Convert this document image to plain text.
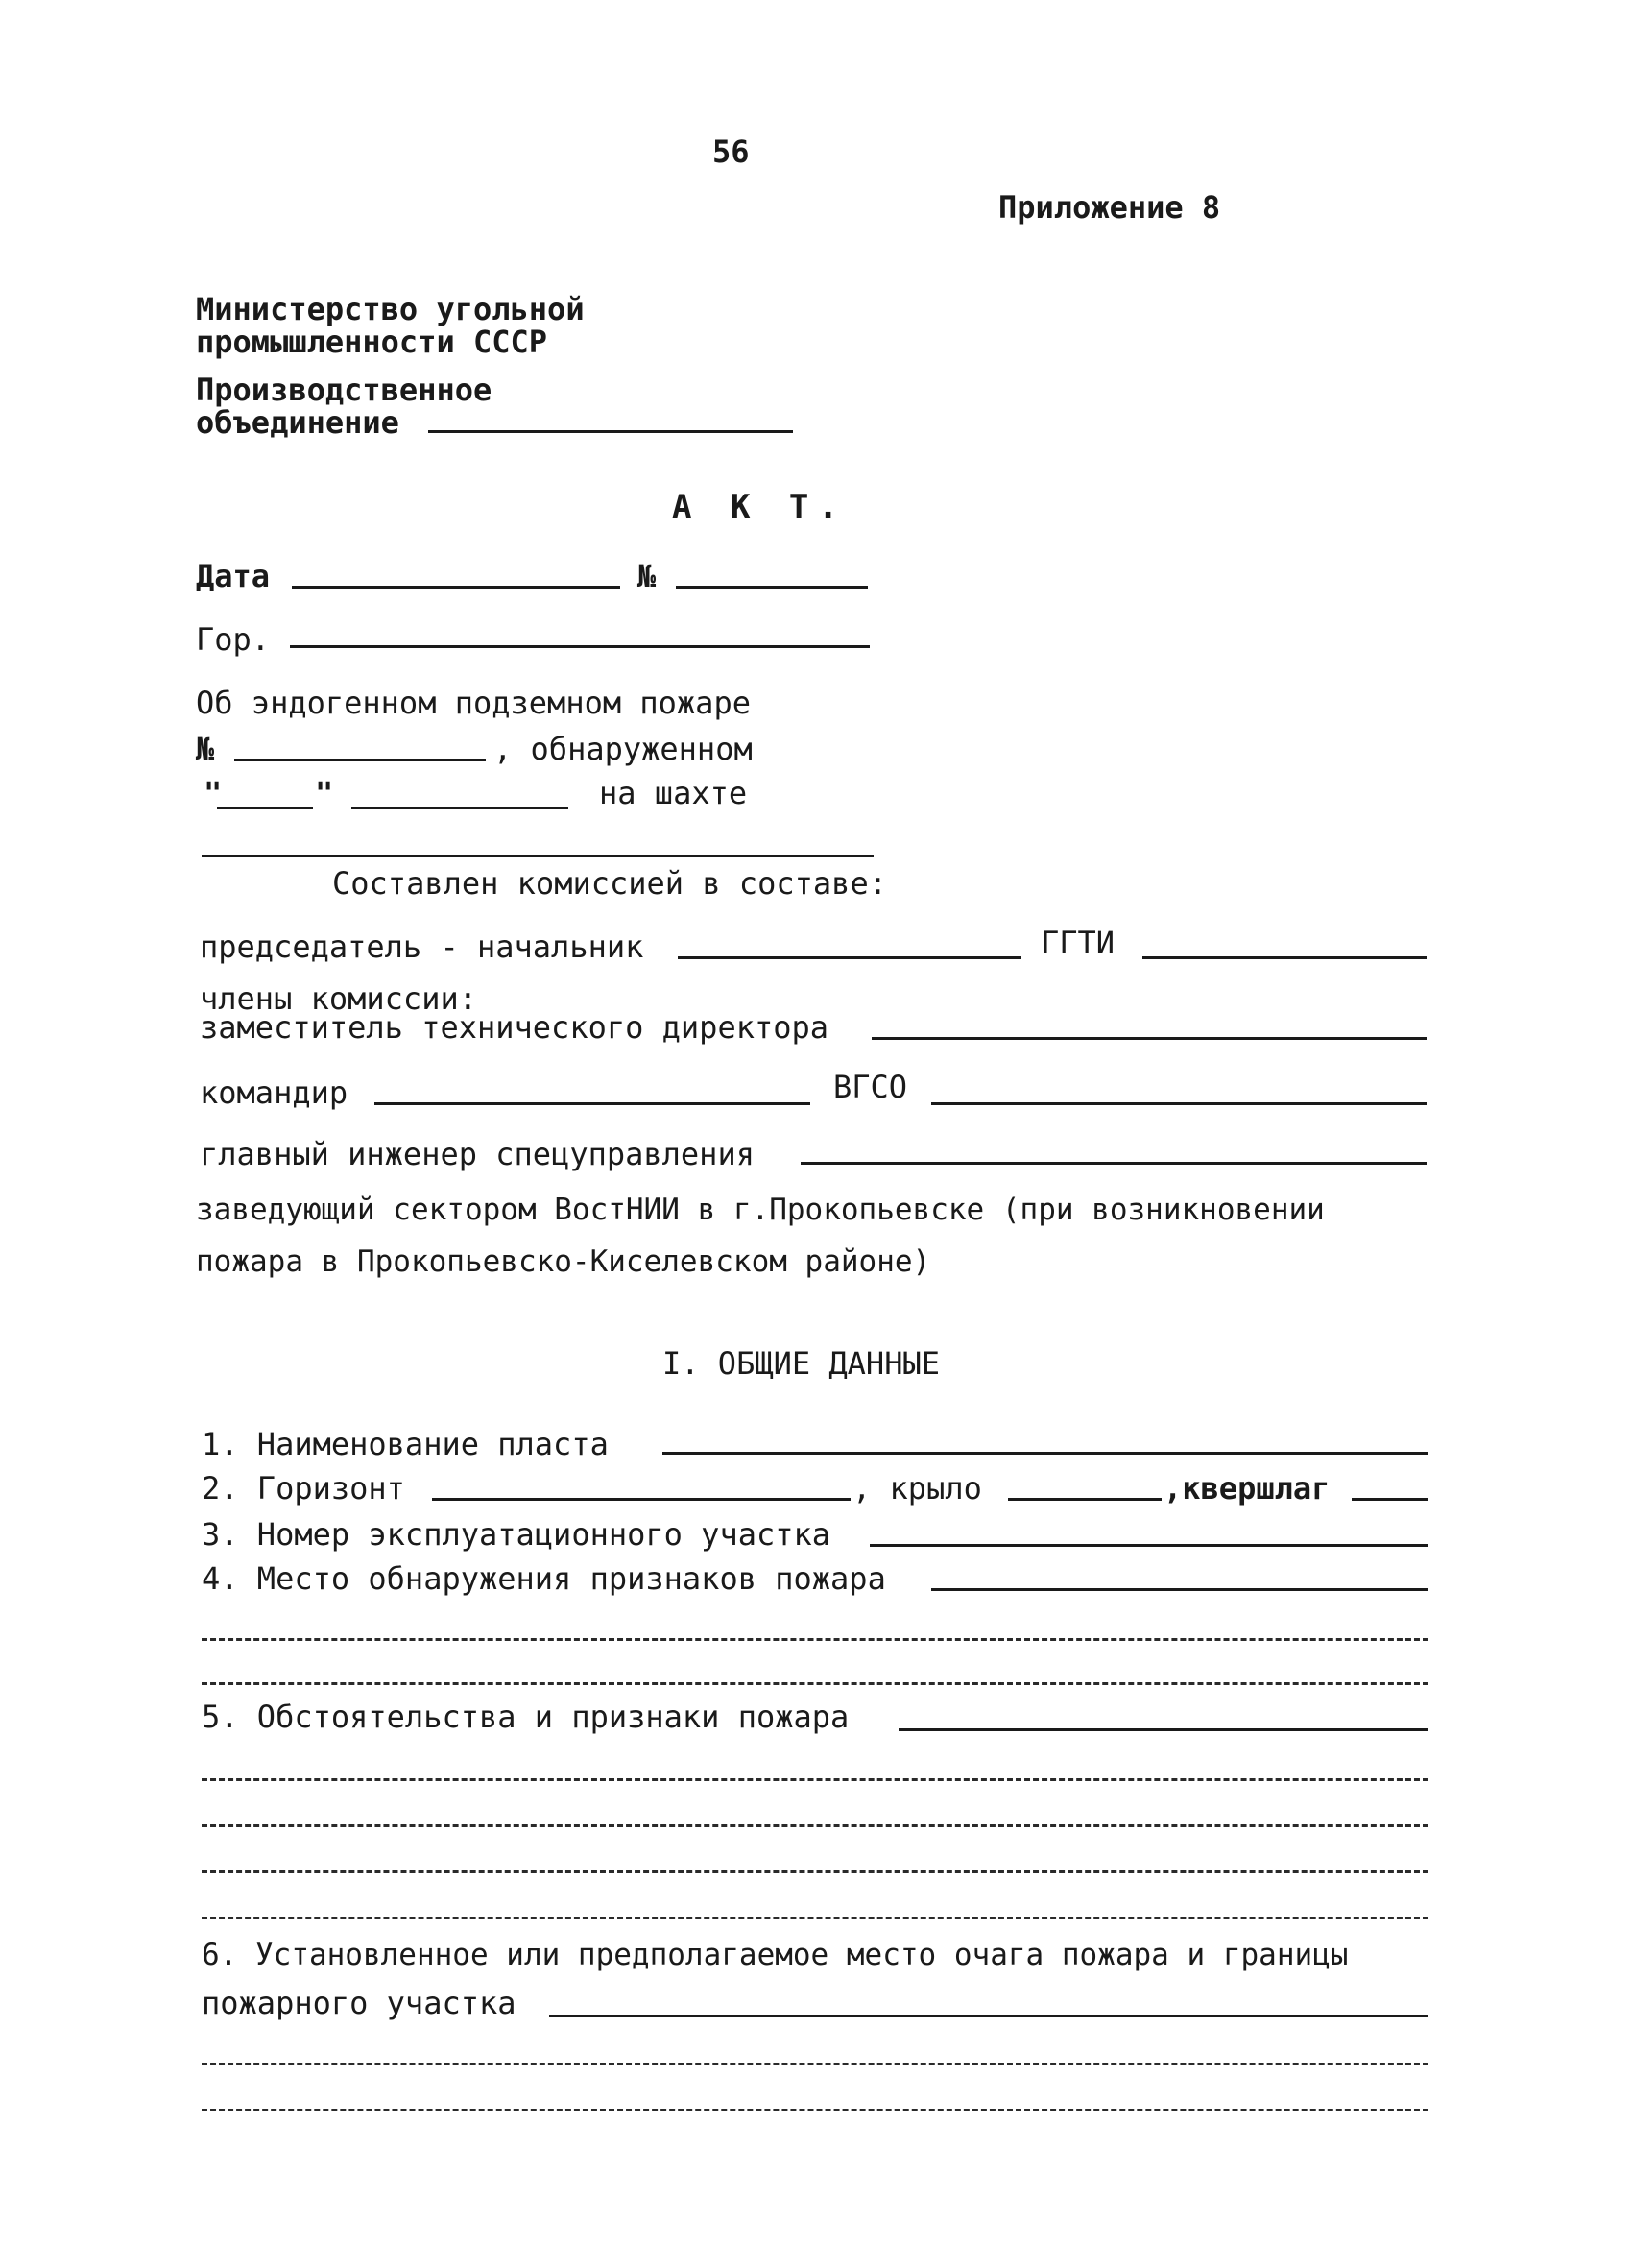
56
Приложение 8
Министерство угольной
промышленности СССР
Производственное
объединение
А К Т.
Дата	№
Гор.
Об эндогенном подземном пожаре
№	, обнаруженном
"	"	на шахте
Составлен комиссией в составе:
председатель - начальник	ГГТИ
члены комиссии:
заместитель технического директора
командир	ВГСО
главный инженер спецуправления
заведующий сектором ВостНИИ в г.Прокопьевске (при возникновении
пожара в Прокопьевско-Киселевском районе)
I. ОБЩИЕ ДАННЫЕ
1. Наименование пласта
2. Горизонт	, крыло	,квершлаг
3. Номер эксплуатационного участка
4. Место обнаружения признаков пожара
5. Обстоятельства и признаки пожара
6. Установленное или предполагаемое место очага пожара и границы
пожарного участка
